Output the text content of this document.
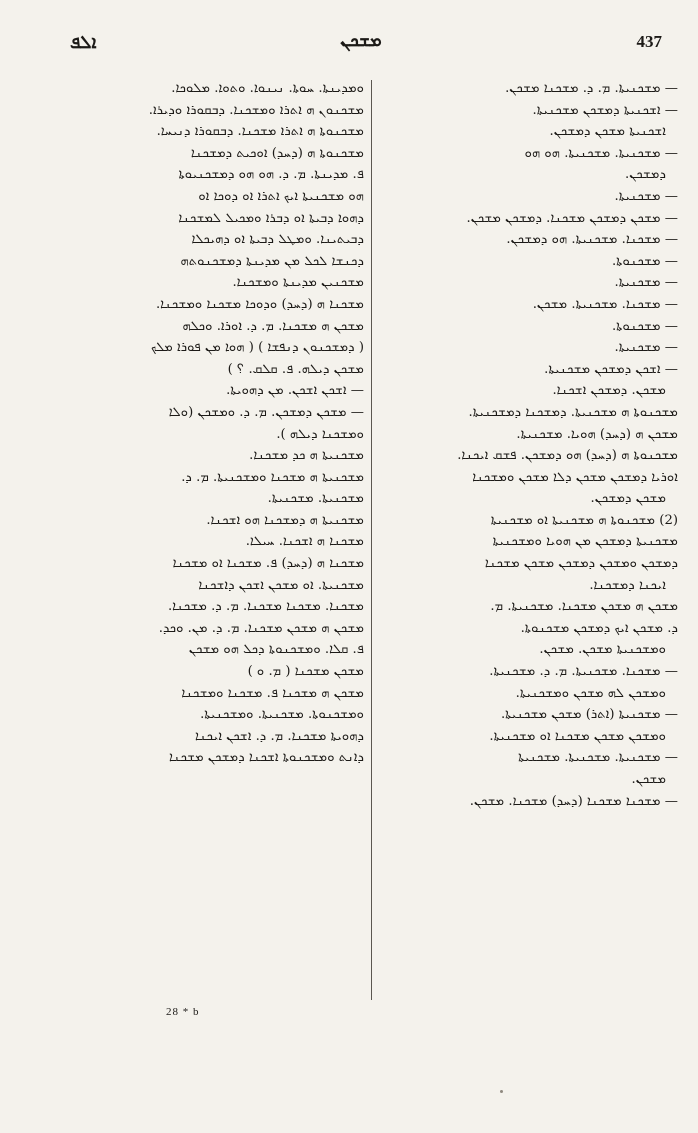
ܐܠܦ	ܡܫܟܢ	437
ܘܡܕܝܢܬܐ. ܚܘܬܐ. ܢܝܢܘܐ. ܘܬܘܐ. ܡܠܘܟܐ.
ܡܫܟܢܘܢ ܗ ܐܬܪܐ ܘܡܫܟܢܐ. ܕܒܩܘܪܐ ܘܕܝܪܐ.
ܡܫܟܢܘܬܐ ܗ ܐܬܪܐ ܡܫܟܢܐ. ܕܒܩܘܪܐ ܕܢܝܚܐ.
ܡܫܟܢܘܬܐ ܗ (ܕܚܕ) ܐܘܟܝܬ ܕܡܫܟܢܐ
ܦ. ܡܕܝܢܬܐ. ܡ. ܕ. ܗܘ ܗܘ ܕܡܫܟܢܝܘܬܐ
ܗܘ ܡܫܟܢܝܬܐ ܐܝܟ ܐܬܪܐ ܐܘ ܕܘܟܐ ܐܘ
ܕܗܘܐ ܕܒܝܬܐ ܐܘ ܕܒܪܐ ܘܡܟܝܠ ܠܡܫܟܢܐ
ܕܒܝܬܝܢܐ. ܘܡܛܠ ܕܒܝܬܐ ܐܘ ܕܗܝܟܠܐ
ܕܟܢܫܐ ܠܟܠ ܡܢ ܡܕܝܢܬܐ ܕܡܫܟܢܘܬܗ
ܡܫܟܢܝܢ ܡܕܝܢܬܐ ܘܡܫܟܢܐ.
ܡܫܟܢܐ ܗ (ܕܚܕ) ܘܕܘܟܐ ܡܫܟܢܐ ܘܡܫܟܢܐ.
ܡܫܟܢ ܗ ܡܫܟܢܐ. ܡ. ܕ. ܐܘܪܐ. ܘܟܠܗ
( ܕܡܫܟܢܘܢ ܕܢܦܫܐ ) ( ܗܘܐ ܡܢ ܦܘܪܐ ܡܠܟ
ܡܫܟܢ ܕܝܠܗ. ܦ. ܩܠܩ. ؟ )
— ܐܫܟܢ ܐܫܟܢ. ܡܢ ܕܗܘܝܬܐ.
— ܡܫܟܢ ܕܡܫܟܢ. ܡ. ܕ. ܘܡܫܟܢ (ܘܠܐ
ܘܡܫܟܢܐ ܕܝܠܗ ).
ܡܫܟܢܝܬܐ ܗ ܟܕ ܡܫܟܢܐ.
ܡܫܟܢܝܬܐ ܗ ܡܫܟܢܐ ܘܡܫܟܢܝܬܐ. ܡ. ܕ.
ܡܫܟܢܝܬܐ. ܡܫܟܢܝܬܐ.
ܡܫܟܢܝܬܐ ܗ ܕܡܫܟܢܐ ܗܘ ܐܫܟܢܐ.
ܡܫܟܢܐ ܗ ܐܫܟܢܐ. ܚܝܠܐ.
ܡܫܟܢܐ ܗ (ܕܚܕ) ܦ. ܡܫܟܢܐ ܐܘ ܡܫܟܢܐ
ܡܫܟܢܝܬܐ. ܐܘ ܡܫܟܢ ܐܫܟܢ ܕܐܫܟܢܐ
ܡܫܟܢܐ. ܡܫܟܢܐ ܡܫܟܢܐ. ܡ. ܕ. ܡܫܟܢܐ.
ܡܫܟܢ ܗ ܡܫܟܢ ܡܫܟܢܐ. ܡ. ܕ. ܡܢ. ܘܟܕ.
ܦ. ܩܠܐ. ܘܡܫܟܢܘܬܐ ܕܟܠ ܗܘ ܡܫܟܢ
ܡܫܟܢ ܡܫܟܢܐ ( ܡ. ܘ )
ܡܫܟܢ ܗ ܡܫܟܢܐ ܦ. ܡܫܟܢܐ ܘܡܫܟܢܐ
ܘܡܫܟܢܘܬܐ. ܡܫܟܢܝܬܐ. ܘܡܫܟܢܝܬܐ.
ܕܗܘܝܬܐ ܡܫܟܢܐ. ܡ. ܕ. ܐܫܟܢ ܐܝܟܢܐ
ܕܐܢܬ ܘܡܫܟܢܘܬܐ ܐܫܟܢܐ ܕܡܫܟܢ ܡܫܟܢܐ
— ܡܫܟܢܝܬܐ. ܡ. ܕ. ܡܫܟܢܐ ܡܫܟܢ.
— ܐܫܟܢܝܬܐ ܕܡܫܟܢ ܡܫܟܢܝܬܐ.
ܐܫܟܢܝܬܐ ܡܫܟܢ ܕܡܫܟܢ.
— ܡܫܟܢܝܬܐ. ܡܫܟܢܝܬܐ. ܗܘ ܗܘ
ܕܡܫܟܢ.
— ܡܫܟܢܝܬܐ.
— ܡܫܟܢ ܕܡܫܟܢ ܡܫܟܢܐ. ܕܡܫܟܢ ܡܫܟܢ.
— ܡܫܟܢܐ. ܡܫܟܢܝܬܐ. ܗܘ ܕܡܫܟܢ.
— ܡܫܟܢܘܬܐ.
— ܡܫܟܢܝܬܐ.
— ܡܫܟܢܐ. ܡܫܟܢܝܬܐ. ܡܫܟܢ.
— ܡܫܟܢܘܬܐ.
— ܡܫܟܢܝܬܐ.
— ܐܫܟܢ ܕܡܫܟܢ ܡܫܟܢܝܬܐ.
ܡܫܟܢ. ܕܡܫܟܢ ܐܫܟܢܐ.
ܡܫܟܢܘܬܐ ܗ ܡܫܟܢܝܬܐ. ܕܡܫܟܢܐ ܕܡܫܟܢܝܬܐ.
ܡܫܟܢ ܗ (ܕܚܕ) ܗܘܝܐ. ܡܫܟܢܝܬܐ.
ܡܫܟܢܘܬܐ ܗ (ܕܚܕ) ܗܘ ܕܡܫܟܢ. ܦܫܩ ܐܝܟܢܐ.
ܐܘܪܝܐ ܕܡܫܟܢ ܡܫܟܢ ܕܠܐ ܡܫܟܢ ܘܡܫܟܢܐ
ܡܫܟܢ ܕܡܫܟܢ.
(2) ܡܫܟܢܘܬܐ ܗ ܡܫܟܢܝܬܐ ܐܘ ܡܫܟܢܝܬܐ
ܡܫܟܢܝܬܐ ܕܡܫܟܢ ܡܢ ܗܘܝܐ ܘܡܫܟܢܝܬܐ
ܕܡܫܟܢ ܘܡܫܟܢ ܕܡܫܟܢ ܡܫܟܢ ܡܫܟܢܐ
ܐܝܟܢܐ ܕܡܫܟܢܐ.
ܡܫܟܢ ܗ ܡܫܟܢ ܡܫܟܢܐ. ܡܫܟܢܝܬܐ. ܡ.
ܕ. ܡܫܟܢ ܐܝܟ ܕܡܫܟܢ ܡܫܟܢܘܬܐ.
ܘܡܫܟܢܝܬܐ ܡܫܟܢ. ܡܫܟܢ.
— ܡܫܟܢܐ. ܡܫܟܢܝܬܐ. ܡ. ܕ. ܡܫܟܢܝܬܐ.
ܘܡܫܟܢ ܠܗ ܡܫܟܢ ܘܡܫܟܢܝܬܐ.
— ܡܫܟܢܝܬܐ (ܐܬܪ) ܡܫܟܢ ܡܫܟܢܝܬܐ.
ܘܡܫܟܢ ܡܫܟܢ ܡܫܟܢܐ ܐܘ ܡܫܟܢܝܬܐ.
— ܡܫܟܢܝܬܐ. ܡܫܟܢܝܬܐ. ܡܫܟܢܝܬܐ
ܡܫܟܢ.
— ܡܫܟܢܐ ܡܫܟܢܐ (ܕܚܕ) ܡܫܟܢܐ. ܡܫܟܢ.
28 * b
